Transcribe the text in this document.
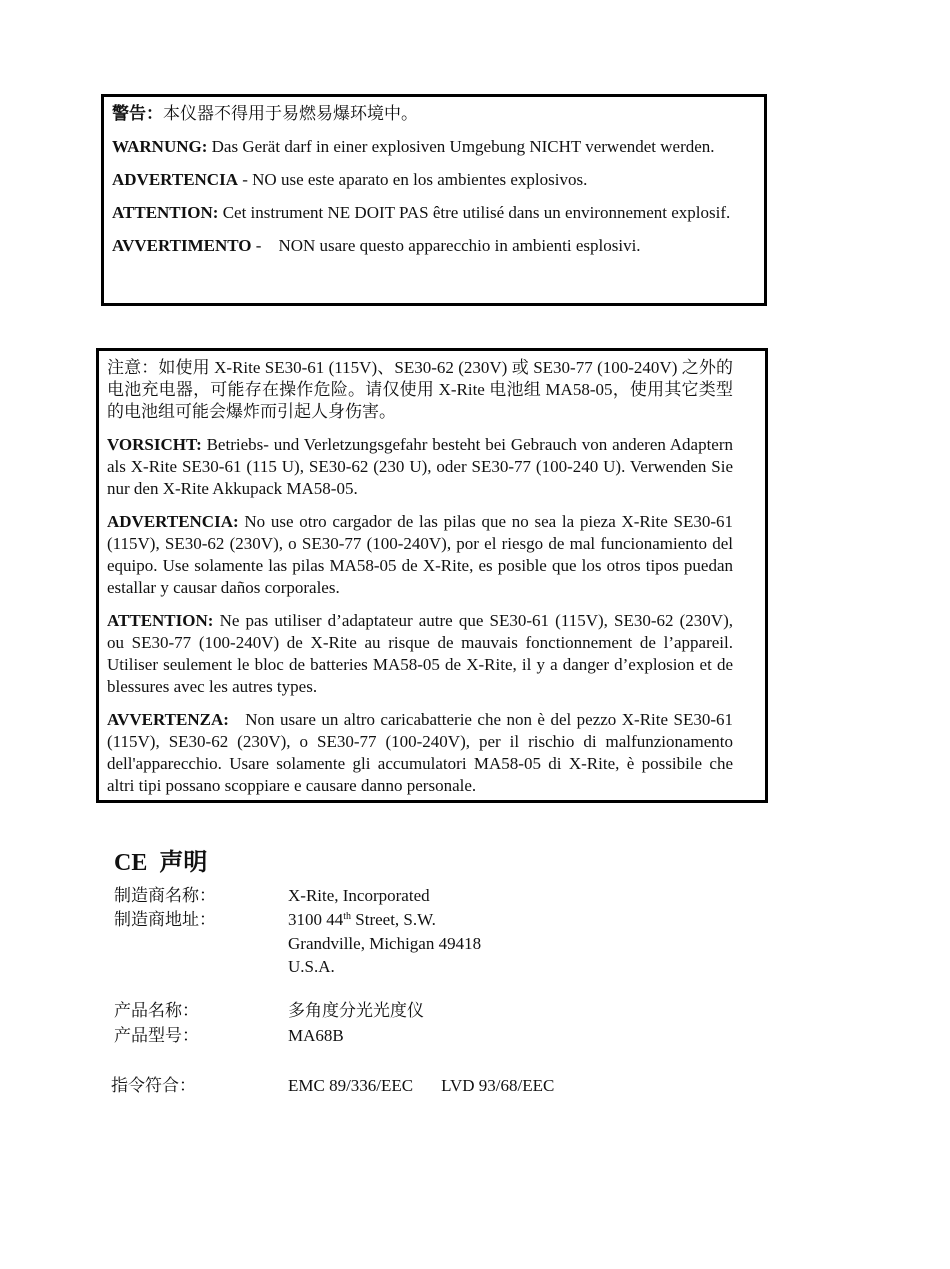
警告：本仪器不得用于易燃易爆环境中。

WARNUNG: Das Gerät darf in einer explosiven Umgebung NICHT verwendet werden.

ADVERTENCIA - NO use este aparato en los ambientes explosivos.

ATTENTION: Cet instrument NE DOIT PAS être utilisé dans un environnement explosif.

AVVERTIMENTO -    NON usare questo apparecchio in ambienti esplosivi.

注意：如使用 X-Rite SE30-61 (115V)、SE30-62 (230V) 或 SE30-77 (100-240V) 之外的电池充电器，可能存在操作危险。请仅使用 X-Rite 电池组 MA58-05，使用其它类型的电池组可能会爆炸而引起人身伤害。

VORSICHT: Betriebs- und Verletzungsgefahr besteht bei Gebrauch von anderen Adaptern als X-Rite SE30-61 (115 U), SE30-62 (230 U), oder SE30-77 (100-240 U). Verwenden Sie nur den X-Rite Akkupack MA58-05.

ADVERTENCIA: No use otro cargador de las pilas que no sea la pieza X-Rite SE30-61 (115V), SE30-62 (230V), o SE30-77 (100-240V), por el riesgo de mal funcionamiento del equipo. Use solamente las pilas MA58-05 de X-Rite, es posible que los otros tipos puedan estallar y causar daños corporales.

ATTENTION: Ne pas utiliser d’adaptateur autre que SE30-61 (115V), SE30-62 (230V), ou SE30-77 (100-240V) de X-Rite au risque de mauvais fonctionnement de l’appareil. Utiliser seulement le bloc de batteries MA58-05 de X-Rite, il y a danger d’explosion et de blessures avec les autres types.

AVVERTENZA: Non usare un altro caricabatterie che non è del pezzo X-Rite SE30-61 (115V), SE30-62 (230V), o SE30-77 (100-240V), per il rischio di malfunzionamento dell'apparecchio. Usare solamente gli accumulatori MA58-05 di X-Rite, è possibile che altri tipi possano scoppiare e causare danno personale.

CE  声明
制造商名称：	X-Rite, Incorporated
制造商地址：	3100 44th Street, S.W.
Grandville, Michigan 49418
U.S.A.
产品名称：	多角度分光光度仪
产品型号：	MA68B
指令符合：	EMC 89/336/EEC LVD 93/68/EEC
